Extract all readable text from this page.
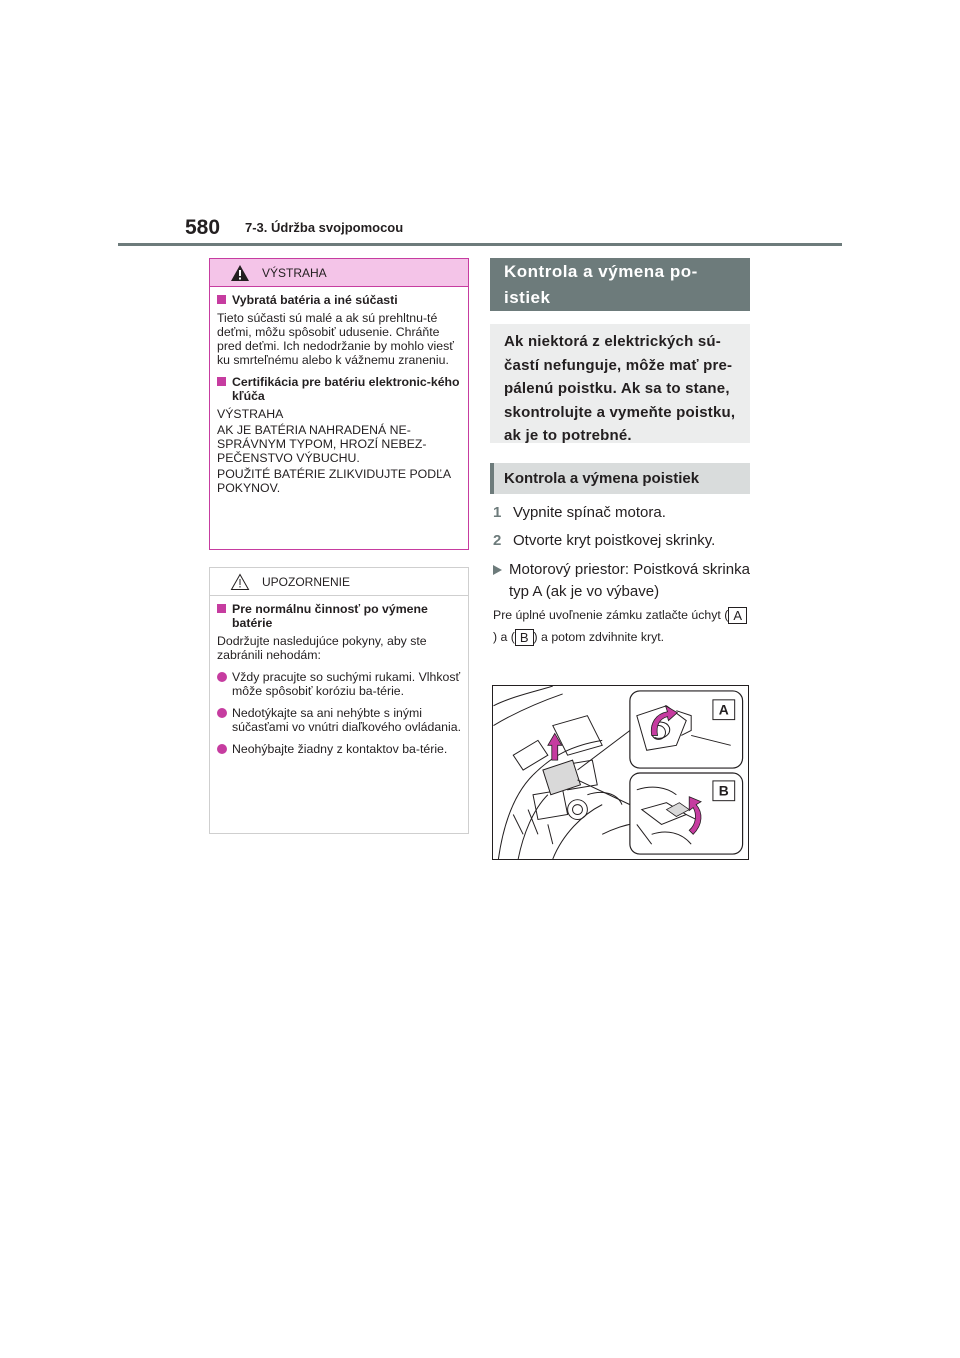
580 7-3. Údržba svojpomocou
VÝSTRAHA
Vybratá batéria a iné súčasti
Tieto súčasti sú malé a ak sú prehltnu-té deťmi, môžu spôsobiť udusenie. Chráňte pred deťmi. Ich nedodržanie by mohlo viesť ku smrteľnému alebo k vážnemu zraneniu.
Certifikácia pre batériu elektronic-kého kľúča
VÝSTRAHA
AK JE BATÉRIA NAHRADENÁ NE-SPRÁVNYM TYPOM, HROZÍ NEBEZ-PEČENSTVO VÝBUCHU.
POUŽITÉ BATÉRIE ZLIKVIDUJTE PODĽA POKYNOV.
UPOZORNENIE
Pre normálnu činnosť po výmene batérie
Dodržujte nasledujúce pokyny, aby ste zabránili nehodám:
Vždy pracujte so suchými rukami. Vlhkosť môže spôsobiť koróziu ba-térie.
Nedotýkajte sa ani nehýbte s inými súčasťami vo vnútri diaľkového ovládania.
Neohýbajte žiadny z kontaktov ba-térie.
Kontrola a výmena po-istiek
Ak niektorá z elektrických sú-častí nefunguje, môže mať pre-pálenú poistku. Ak sa to stane, skontrolujte a vymeňte poistku, ak je to potrebné.
Kontrola a výmena poistiek
1 Vypnite spínač motora.
2 Otvorte kryt poistkovej skrinky.
Motorový priestor: Poistková skrinka typ A (ak je vo výbave)
Pre úplné uvoľnenie zámku zatlačte úchyt ( A) a ( B ) a potom zdvihnite kryt.
A
B
